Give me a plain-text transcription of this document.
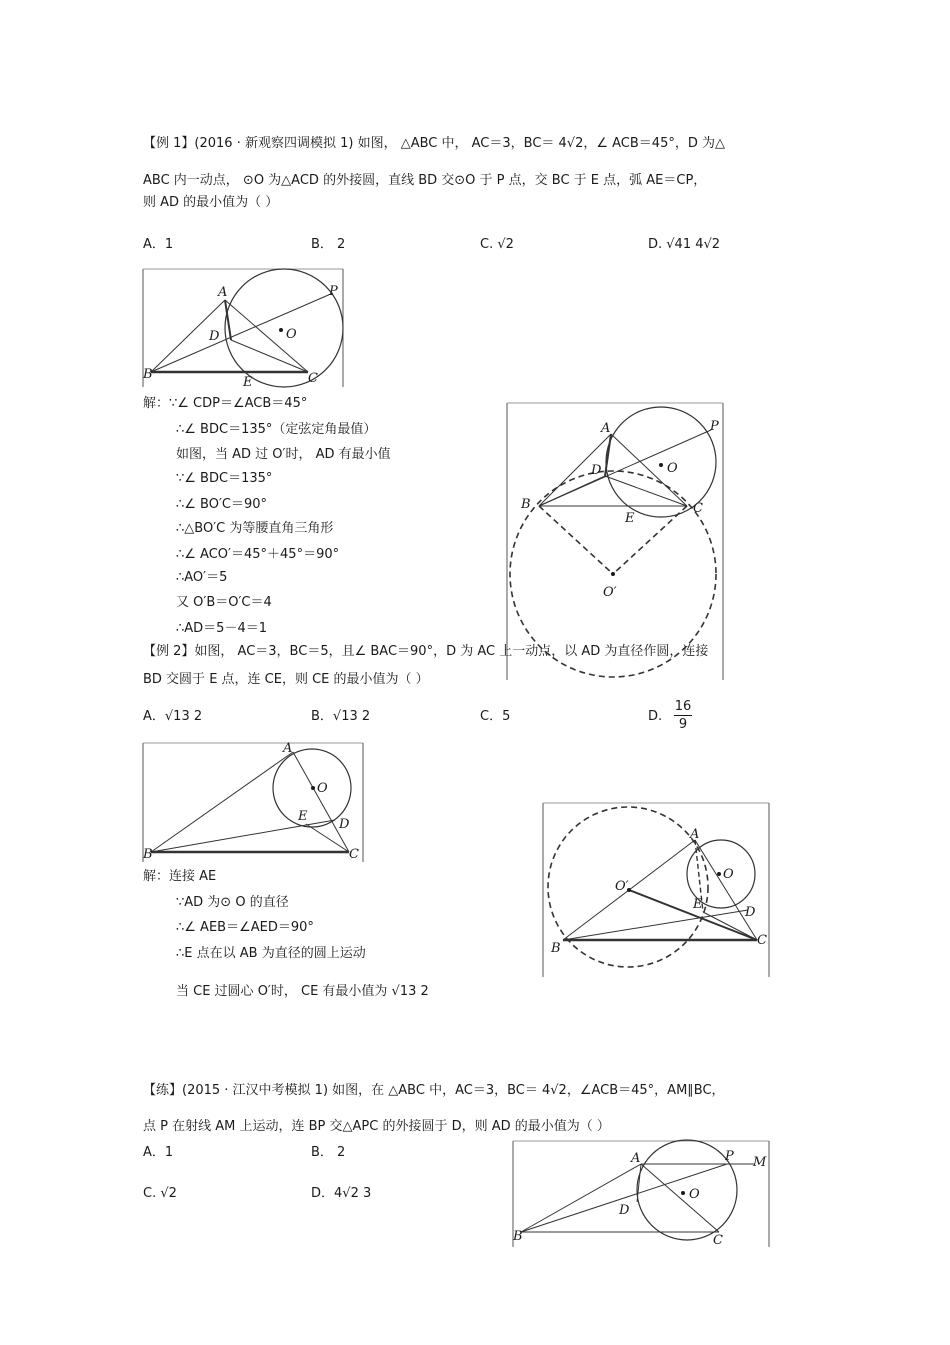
【例 1】(2016 · 新观察四调模拟 1) 如图， △ABC 中， AC＝3，BC＝ 4√2，∠ ACB＝45°，D 为△
ABC 内一动点， ⊙O 为△ACD 的外接圆，直线 BD 交⊙O 于 P 点，交 BC 于 E 点，弧 AE＝CP，
则 AD 的最小值为（ ）
A．1	B． 2	C. √2	D. √41 4√2
A
D
B
E	C
O
P
解：∵∠ CDP＝∠ACB＝45°
∴∠ BDC＝135°（定弦定角最值）
如图，当 AD 过 O′时， AD 有最小值
∵∠ BDC＝135°
∴∠ BO′C＝90°
∴△BO′C 为等腰直角三角形
∴∠ ACO′＝45°＋45°＝90°
∴AO′＝5
又 O′B＝O′C＝4
∴AD＝5－4＝1
A
D
B
E
C
O
P
O′
【例 2】如图， AC＝3，BC＝5，且∠ BAC＝90°，D 为 AC 上一动点，以 AD 为直径作圆，连接
BD 交圆于 E 点，连 CE，则 CE 的最小值为（ ）
A．√13 2	B．√13 2	C．5	D.
16
9
A
O
E
D
B	C
解：连接 AE
∵AD 为⊙ O 的直径
∴∠ AEB＝∠AED＝90°
∴E 点在以 AB 为直径的圆上运动
当 CE 过圆心 O′时， CE 有最小值为 √13 2
A
O′
O
E
D
B
C
【练】(2015 · 江汉中考模拟 1) 如图，在 △ABC 中，AC＝3，BC＝ 4√2，∠ACB＝45°，AM∥BC，
点 P 在射线 AM 上运动，连 BP 交△APC 的外接圆于 D，则 AD 的最小值为（ ）
A．1	B． 2
C. √2	D．4√2 3
A	P M
O
D
B	C
